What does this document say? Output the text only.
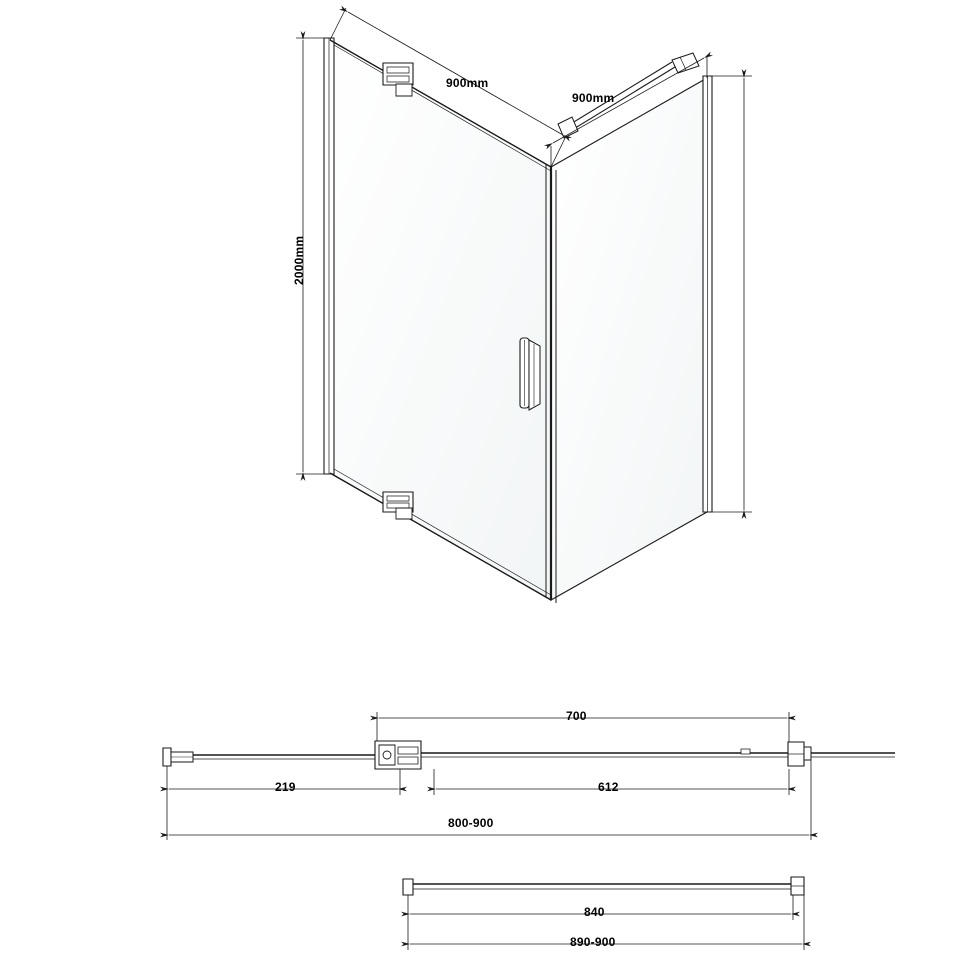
900mm
900mm
2000mm
700
219	612
800-900
840
890-900
